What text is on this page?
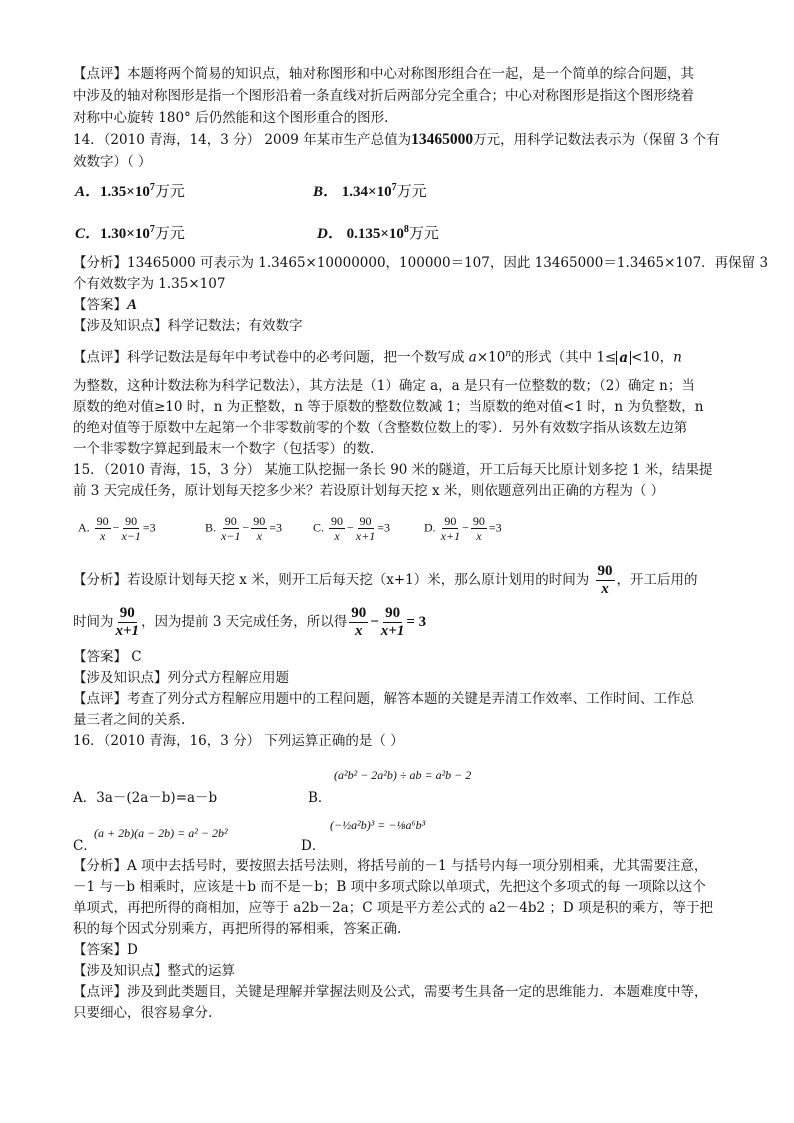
【点评】本题将两个简易的知识点，轴对称图形和中心对称图形组合在一起，是一个简单的综合问题，其
中涉及的轴对称图形是指一个图形沿着一条直线对折后两部分完全重合；中心对称图形是指这个图形绕着
对称中心旋转 180° 后仍然能和这个图形重合的图形.
14．（2010 青海，14，3 分） 2009 年某市生产总值为13465000万元，用科学记数法表示为（保留 3 个有
效数字）（ ）
A．$1.35\times 10^7$万元	B． $1.34\times 10^7$万元
C．$1.30\times 10^7$万元	D． $0.135\times 10^8$万元
【分析】13465000 可表示为 1.3465×10000000，100000＝107，因此 13465000＝1.3465×107．再保留 3
个有效数字为 1.35×107
【答案】A
【涉及知识点】科学记数法；有效数字
【点评】科学记数法是每年中考试卷中的必考问题，把一个数写成 $a\times 10^n$的形式（其中 1≤ a <10，n
为整数，这种计数法称为科学记数法），其方法是（1）确定 a，a 是只有一位整数的数；（2）确定 n；当
原数的绝对值≥10 时，n 为正整数，n 等于原数的整数位数减 1；当原数的绝对值<1 时，n 为负整数，n
的绝对值等于原数中左起第一个非零数前零的个数（含整数位数上的零）．另外有效数字指从该数左边第
一个非零数字算起到最末一个数字（包括零）的数.
15．（2010 青海，15，3 分） 某施工队挖掘一条长 90 米的隧道，开工后每天比原计划多挖 1 米，结果提
前 3 天完成任务，原计划每天挖多少米？若设原计划每天挖 x 米，则依题意列出正确的方程为（ ）
A. $\frac{90}{x} - \frac{90}{x-1} =3$	B. $\frac{90}{x-1} - \frac{90}{x} =3$	C. $\frac{90}{x} - \frac{90}{x+1} =3$	D. $\frac{90}{x+1} - \frac{90}{x} =3$
【分析】若设原计划每天挖 x 米，则开工后每天挖（x+1）米，那么原计划用的时间为 $\frac{90}{x}$ ，开工后用的
时间为 $\frac{90}{x+1}$ ，因为提前 3 天完成任务，所以得 $\frac{90}{x} - \frac{90}{x+1} = 3$
【答案】 C
【涉及知识点】列分式方程解应用题
【点评】考查了列分式方程解应用题中的工程问题，解答本题的关键是弄清工作效率、工作时间、工作总
量三者之间的关系.
16．（2010 青海，16，3 分） 下列运算正确的是（ ）
A．3a－(2a－b)=a－b	B．
(a²b² − 2a²b) ÷ ab = a²b − 2
C．
(a + 2b)(a − 2b) = a² − 2b²
D．
(−½a²b)³ = −⅛a⁶b³
【分析】A 项中去括号时，要按照去括号法则，将括号前的－1 与括号内每一项分别相乘，尤其需要注意，
－1 与－b 相乘时，应该是＋b 而不是－b；B 项中多项式除以单项式，先把这个多项式的每 一项除以这个
单项式，再把所得的商相加，应等于 a2b－2a；C 项是平方差公式的 a2－4b2 ；D 项是积的乘方，等于把
积的每个因式分别乘方，再把所得的幂相乘，答案正确.
【答案】D
【涉及知识点】整式的运算
【点评】涉及到此类题目，关键是理解并掌握法则及公式，需要考生具备一定的思维能力．本题难度中等，
只要细心，很容易拿分.
